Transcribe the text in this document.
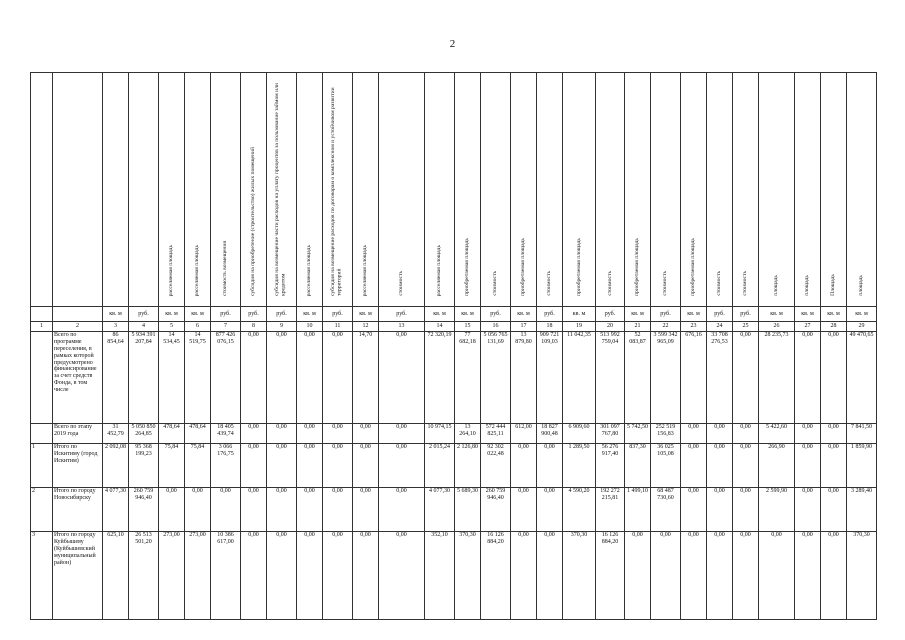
2

				расселяемая площадь	расселяемая площадь	стоимость возмещения	субсидия на приобретение (строительство) жилых помещений	субсидия на возмещение части расходов на уплату процентов за пользование займом или кредитом	расселяемая площадь	субсидия на возмещение расходов по договорам о комплексном и устойчивом развитии территорий	расселяемая площадь	стоимость	расселяемая площадь	приобретаемая площадь	стоимость	приобретаемая площадь	стоимость	приобретаемая площадь	стоимость	приобретаемая площадь	стоимость	приобретаемая площадь	стоимость	стоимость	площадь	площадь	Площадь	площадь

		кв. м	руб.	кв. м	кв. м	руб.	руб.	руб.	кв. м	руб.	кв. м	руб.	кв. м	кв. м	руб.	кв. м	руб.	кв. м	руб.	кв. м	руб.	кв. м	руб.	руб.	кв. м	кв. м	кв. м	кв. м
1	2	3	4	5	6	7	8	9	10	11	12	13	14	15	16	17	18	19	20	21	22	23	24	25	26	27	28	29
	Всего по программе переселения, в рамках которой предусмотрено финансирование за счет средств Фонда, в том числе	86 854,64	5 934 391 207,84	14 534,45	14 519,75	877 426 076,15	0,00	0,00	0,00	0,00	14,70	0,00	72 320,19	77 682,18	5 056 765 131,69	13 879,80	909 721 109,03	11 042,35	513 992 759,04	52 083,87	3 599 342 965,09	676,16	33 708 276,53	0,00	28 235,73	0,00	0,00	49 470,65
	Всего по этапу 2019 года	31 452,79	5 050 850 264,85	478,64	478,64	18 405 439,74	0,00	0,00	0,00	0,00	0,00	0,00	10 974,15	13 264,10	572 444 825,11	612,00	18 827 900,48	6 909,60	301 097 767,80	5 742,50	252 519 156,83	0,00	0,00	0,00	5 422,60	0,00	0,00	7 841,50
1	Итого по Искитиму (город Искитим)	2 092,08	95 368 199,23	75,84	75,84	3 066 176,75	0,00	0,00	0,00	0,00	0,00	0,00	2 015,24	2 126,80	92 302 022,48	0,00	0,00	1 289,50	56 276 917,40	837,30	36 025 105,08	0,00	0,00	0,00	266,90	0,00	0,00	1 859,90
2	Итого по городу Новосибирску	4 077,30	260 759 946,40	0,00	0,00	0,00	0,00	0,00	0,00	0,00	0,00	0,00	4 077,30	5 689,30	260 759 946,40	0,00	0,00	4 590,20	192 272 215,81	1 499,10	68 487 730,60	0,00	0,00	0,00	2 599,90	0,00	0,00	3 289,40
3	Итого по городу Куйбышеву (Куйбышевский муниципальный район)	625,10	26 513 501,20	273,00	273,00	10 386 617,00	0,00	0,00	0,00	0,00	0,00	0,00	352,10	370,30	16 126 884,20	0,00	0,00	370,30	16 126 884,20	0,00	0,00	0,00	0,00	0,00	0,00	0,00	0,00	370,30
